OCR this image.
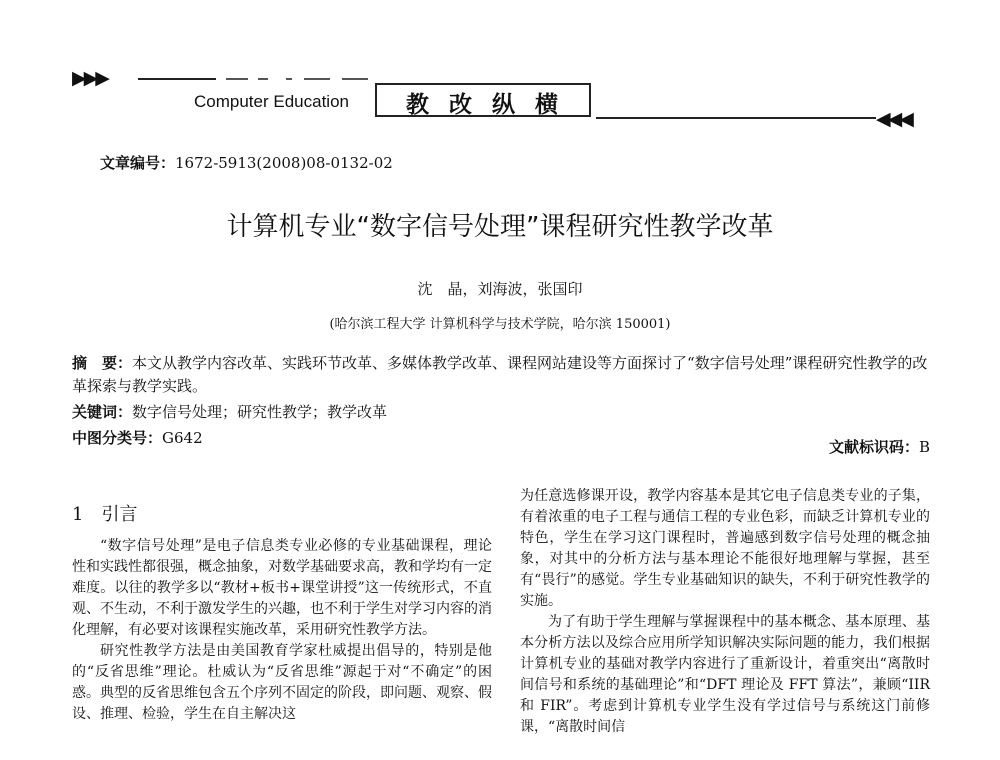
▶▶▶
Computer Education 教 改 纵 横
◀◀◀
文章编号：1672-5913(2008)08-0132-02
计算机专业“数字信号处理”课程研究性教学改革
沈　晶，刘海波，张国印
(哈尔滨工程大学 计算机科学与技术学院，哈尔滨 150001)
摘　要：本文从教学内容改革、实践环节改革、多媒体教学改革、课程网站建设等方面探讨了“数字信号处理”课程研究性教学的改革探索与教学实践。
关键词：数字信号处理；研究性教学；教学改革
中图分类号：G642	文献标识码：B
1　引言

“数字信号处理”是电子信息类专业必修的专业基础课程，理论性和实践性都很强，概念抽象，对数学基础要求高，教和学均有一定难度。以往的教学多以“教材+板书+课堂讲授”这一传统形式，不直观、不生动，不利于激发学生的兴趣，也不利于学生对学习内容的消化理解，有必要对该课程实施改革，采用研究性教学方法。

研究性教学方法是由美国教育学家杜威提出倡导的，特别是他的“反省思维”理论。杜威认为“反省思维”源起于对“不确定”的困惑。典型的反省思维包含五个序列不固定的阶段，即问题、观察、假设、推理、检验，学生在自主解决这

为任意选修课开设，教学内容基本是其它电子信息类专业的子集，有着浓重的电子工程与通信工程的专业色彩，而缺乏计算机专业的特色，学生在学习这门课程时，普遍感到数字信号处理的概念抽象，对其中的分析方法与基本理论不能很好地理解与掌握，甚至有“畏行”的感觉。学生专业基础知识的缺失，不利于研究性教学的实施。

为了有助于学生理解与掌握课程中的基本概念、基本原理、基本分析方法以及综合应用所学知识解决实际问题的能力，我们根据计算机专业的基础对教学内容进行了重新设计，着重突出“离散时间信号和系统的基础理论”和“DFT 理论及 FFT 算法”，兼顾“IIR 和 FIR”。考虑到计算机专业学生没有学过信号与系统这门前修课，“离散时间信
